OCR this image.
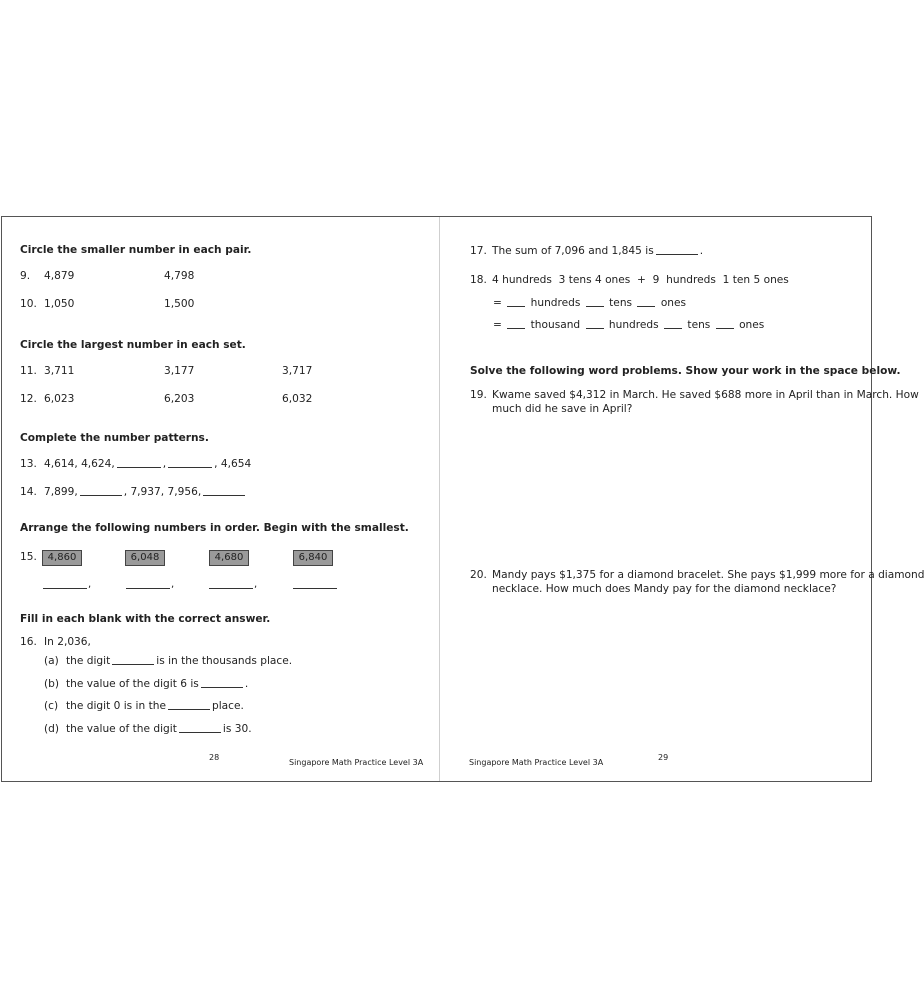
Circle the smaller number in each pair.
9. 4,879	4,798
10. 1,050	1,500
Circle the largest number in each set.
11. 3,711	3,177	3,717
12. 6,023	6,203	6,032
Complete the number patterns.
13. 4,614, 4,624,	,	, 4,654
14. 7,899,	, 7,937, 7,956,
Arrange the following numbers in order. Begin with the smallest.
15.	4,860	6,048	4,680	6,840
,	,	,
Fill in each blank with the correct answer.
16. In 2,036,
(a) the digit	is in the thousands place.
(b) the value of the digit 6 is	.
(c) the digit 0 is in the	place.
(d) the value of the digit	is 30.
28
Singapore Math Practice Level 3A
17. The sum of 7,096 and 1,845 is	.
18. 4 hundreds  3 tens 4 ones  +  9  hundreds  1 ten 5 ones
=	hundreds	tens	ones
=	thousand	hundreds	tens	ones
Solve the following word problems. Show your work in the space below.
19. Kwame saved $4,312 in March. He saved $688 more in April than in March. How
much did he save in April?
20. Mandy pays $1,375 for a diamond bracelet. She pays $1,999 more for a diamond
necklace. How much does Mandy pay for the diamond necklace?
Singapore Math Practice Level 3A
29
